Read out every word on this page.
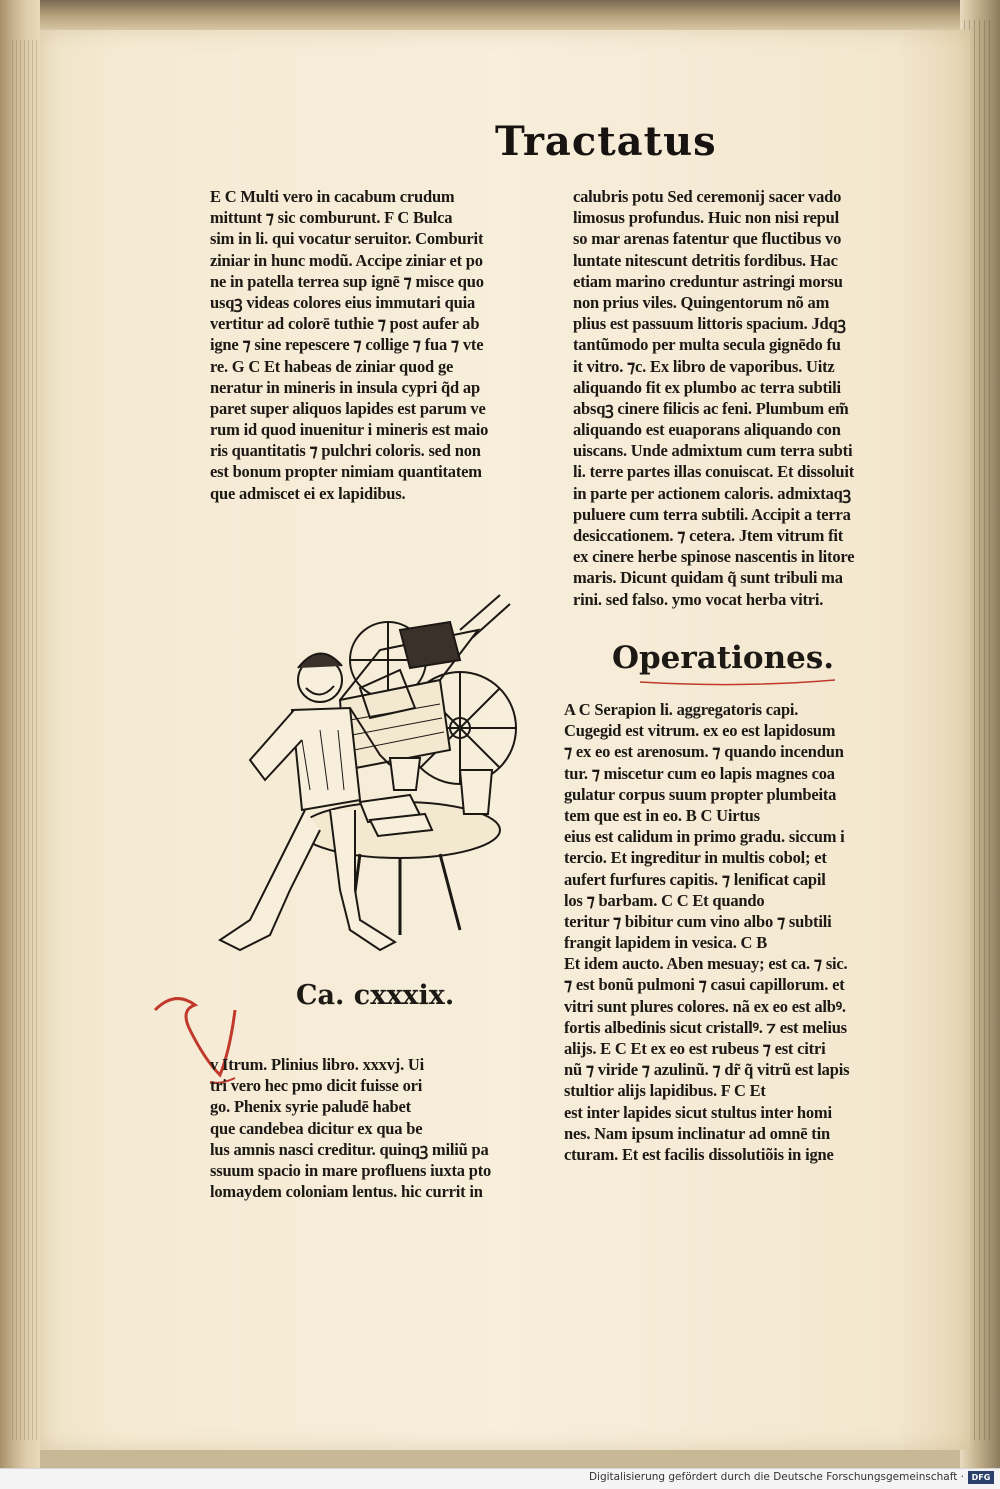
Tractatus
E C Multi vero in cacabum crudum
mittunt ⁊ sic comburunt. F C Bulca
sim in li. qui vocatur seruitor. Comburit
ziniar in hunc modũ. Accipe ziniar et po
ne in patella terrea sup ignē ⁊ misce quo
usqꝫ videas colores eius immutari quia
vertitur ad colorē tuthie ⁊ post aufer ab
igne ⁊ sine repescere ⁊ collige ⁊ fua ⁊ vte
re. G C Et habeas de ziniar quod ge
neratur in mineris in insula cypri q̃d ap
paret super aliquos lapides est parum ve
rum id quod inuenitur i mineris est maio
ris quantitatis ⁊ pulchri coloris. sed non
est bonum propter nimiam quantitatem
que admiscet ei ex lapidibus.
calubris potu Sed ceremonij sacer vado
limosus profundus. Huic non nisi repul
so mar arenas fatentur que fluctibus vo
luntate nitescunt detritis fordibus. Hac
etiam marino creduntur astringi morsu
non prius viles. Quingentorum nõ am
plius est passuum littoris spacium. Jdqꝫ
tantũmodo per multa secula gignēdo fu
it vitro. ⁊c. Ex libro de vaporibus. Uitz
aliquando fit ex plumbo ac terra subtili
absqꝫ cinere filicis ac feni. Plumbum em̃
aliquando est euaporans aliquando con
uiscans. Unde admixtum cum terra subti
li. terre partes illas conuiscat. Et dissoluit
in parte per actionem caloris. admixtaqꝫ
puluere cum terra subtili. Accipit a terra
desiccationem. ⁊ cetera. Jtem vitrum fit
ex cinere herbe spinose nascentis in litore
maris. Dicunt quidam q̃ sunt tribuli ma
rini. sed falso. ymo vocat herba vitri.
Operationes.
A C Serapion li. aggregatoris capi.
Cugegid est vitrum. ex eo est lapidosum
⁊ ex eo est arenosum. ⁊ quando incendun
tur. ⁊ miscetur cum eo lapis magnes coa
gulatur corpus suum propter plumbeita
tem que est in eo. B C Uirtus
eius est calidum in primo gradu. siccum i
tercio. Et ingreditur in multis cobol; et
aufert furfures capitis. ⁊ lenificat capil
los ⁊ barbam. C C Et quando
teritur ⁊ bibitur cum vino albo ⁊ subtili
frangit lapidem in vesica. C B
Et idem aucto. Aben mesuay; est ca. ⁊ sic.
⁊ est bonũ pulmoni ⁊ casui capillorum. et
vitri sunt plures colores. nã ex eo est albꝰ.
fortis albedinis sicut cristallꝰ. ⁊ est melius
alijs. E C Et ex eo est rubeus ⁊ est citri
nũ ⁊ viride ⁊ azulinũ. ⁊ dr̃ q̃ vitrũ est lapis
stultior alijs lapidibus. F C Et
est inter lapides sicut stultus inter homi
nes. Nam ipsum inclinatur ad omnē tin
cturam. Et est facilis dissolutiõis in igne
Ca. cxxxix.
v Itrum. Plinius libro. xxxvj. Ui
tri vero hec pmo dicit fuisse ori
go. Phenix syrie paludē habet
que candebea dicitur ex qua be
lus amnis nasci creditur. quinqꝫ miliũ pa
ssuum spacio in mare profluens iuxta pto
lomaydem coloniam lentus. hic currit in
Digitalisierung gefördert durch die Deutsche Forschungsgemeinschaft · DFG
